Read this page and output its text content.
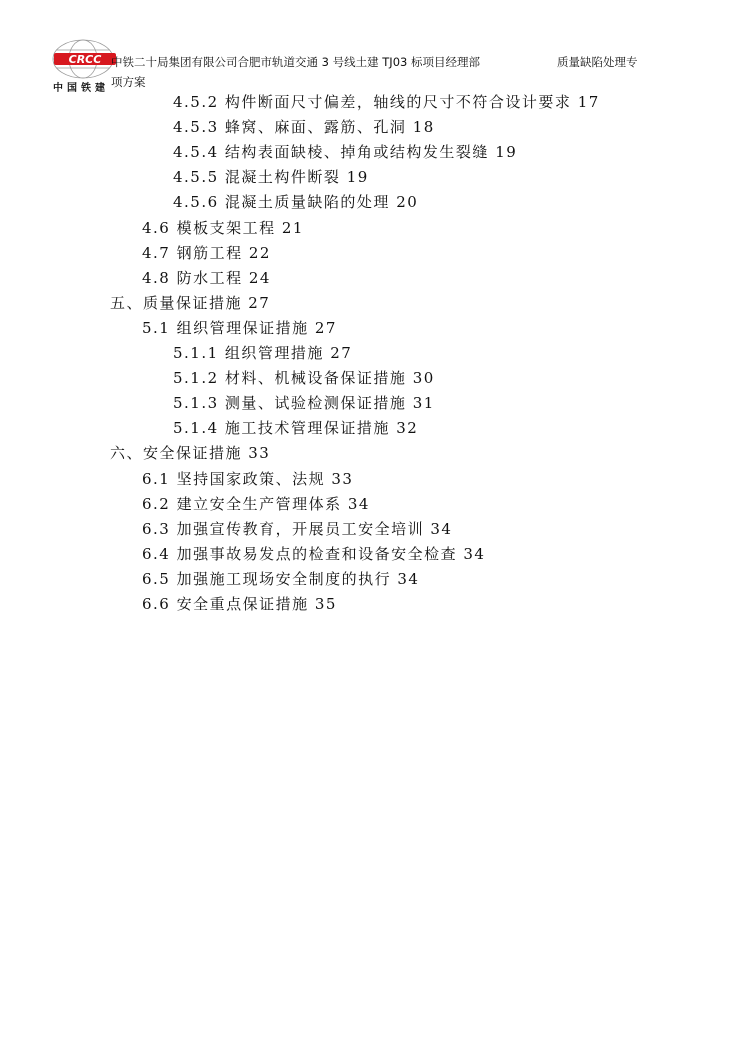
CRCC
中国铁建
中铁二十局集团有限公司合肥市轨道交通 3 号线土建 TJ03 标项目经理部	质量缺陷处理专
项方案
4.5.2 构件断面尺寸偏差，轴线的尺寸不符合设计要求 17
4.5.3 蜂窝、麻面、露筋、孔洞 18
4.5.4 结构表面缺棱、掉角或结构发生裂缝 19
4.5.5 混凝土构件断裂 19
4.5.6 混凝土质量缺陷的处理 20
4.6 模板支架工程 21
4.7 钢筋工程 22
4.8 防水工程 24
五、质量保证措施 27
5.1 组织管理保证措施 27
5.1.1 组织管理措施 27
5.1.2 材料、机械设备保证措施 30
5.1.3 测量、试验检测保证措施 31
5.1.4 施工技术管理保证措施 32
六、安全保证措施 33
6.1 坚持国家政策、法规 33
6.2 建立安全生产管理体系 34
6.3 加强宣传教育，开展员工安全培训 34
6.4 加强事故易发点的检查和设备安全检查 34
6.5 加强施工现场安全制度的执行 34
6.6 安全重点保证措施 35
